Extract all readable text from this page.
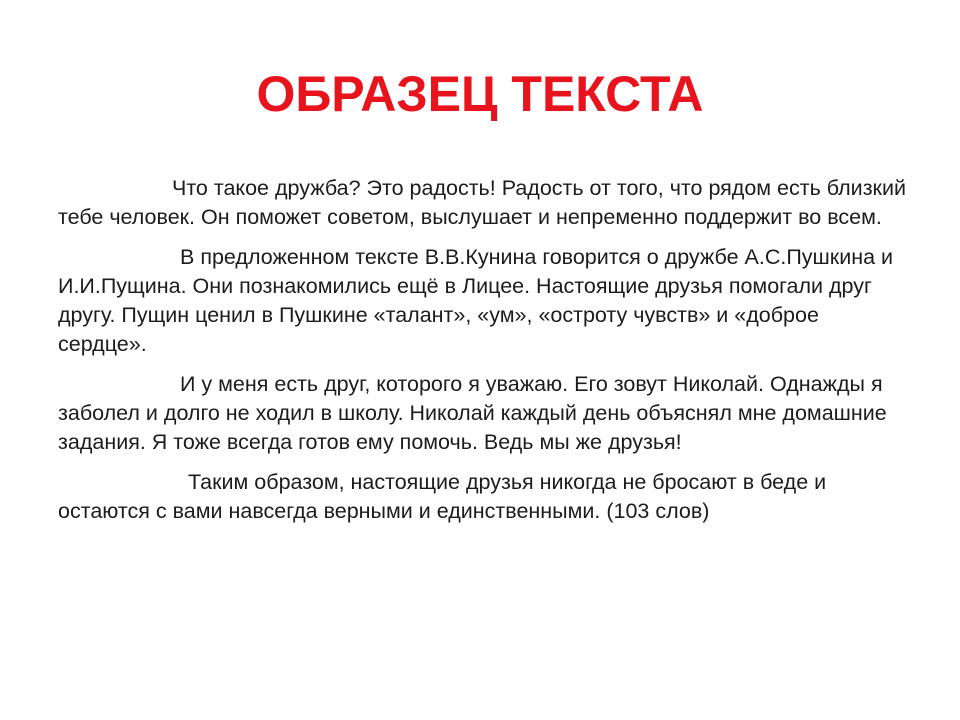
ОБРАЗЕЦ ТЕКСТА

Что такое дружба? Это радость! Радость от того, что рядом есть близкий тебе человек. Он поможет советом, выслушает и непременно поддержит во всем.

В предложенном тексте В.В.Кунина говорится о дружбе А.С.Пушкина и И.И.Пущина. Они познакомились ещё в Лицее. Настоящие друзья помогали друг другу. Пущин ценил в Пушкине «талант», «ум», «остроту чувств» и «доброе сердце».

И у меня есть друг, которого я уважаю. Его зовут Николай. Однажды я заболел и долго не ходил в школу. Николай каждый день объяснял мне домашние задания. Я тоже всегда готов ему помочь. Ведь мы же друзья!

Таким образом, настоящие друзья никогда не бросают в беде и остаются с вами навсегда верными и единственными. (103 слов)
